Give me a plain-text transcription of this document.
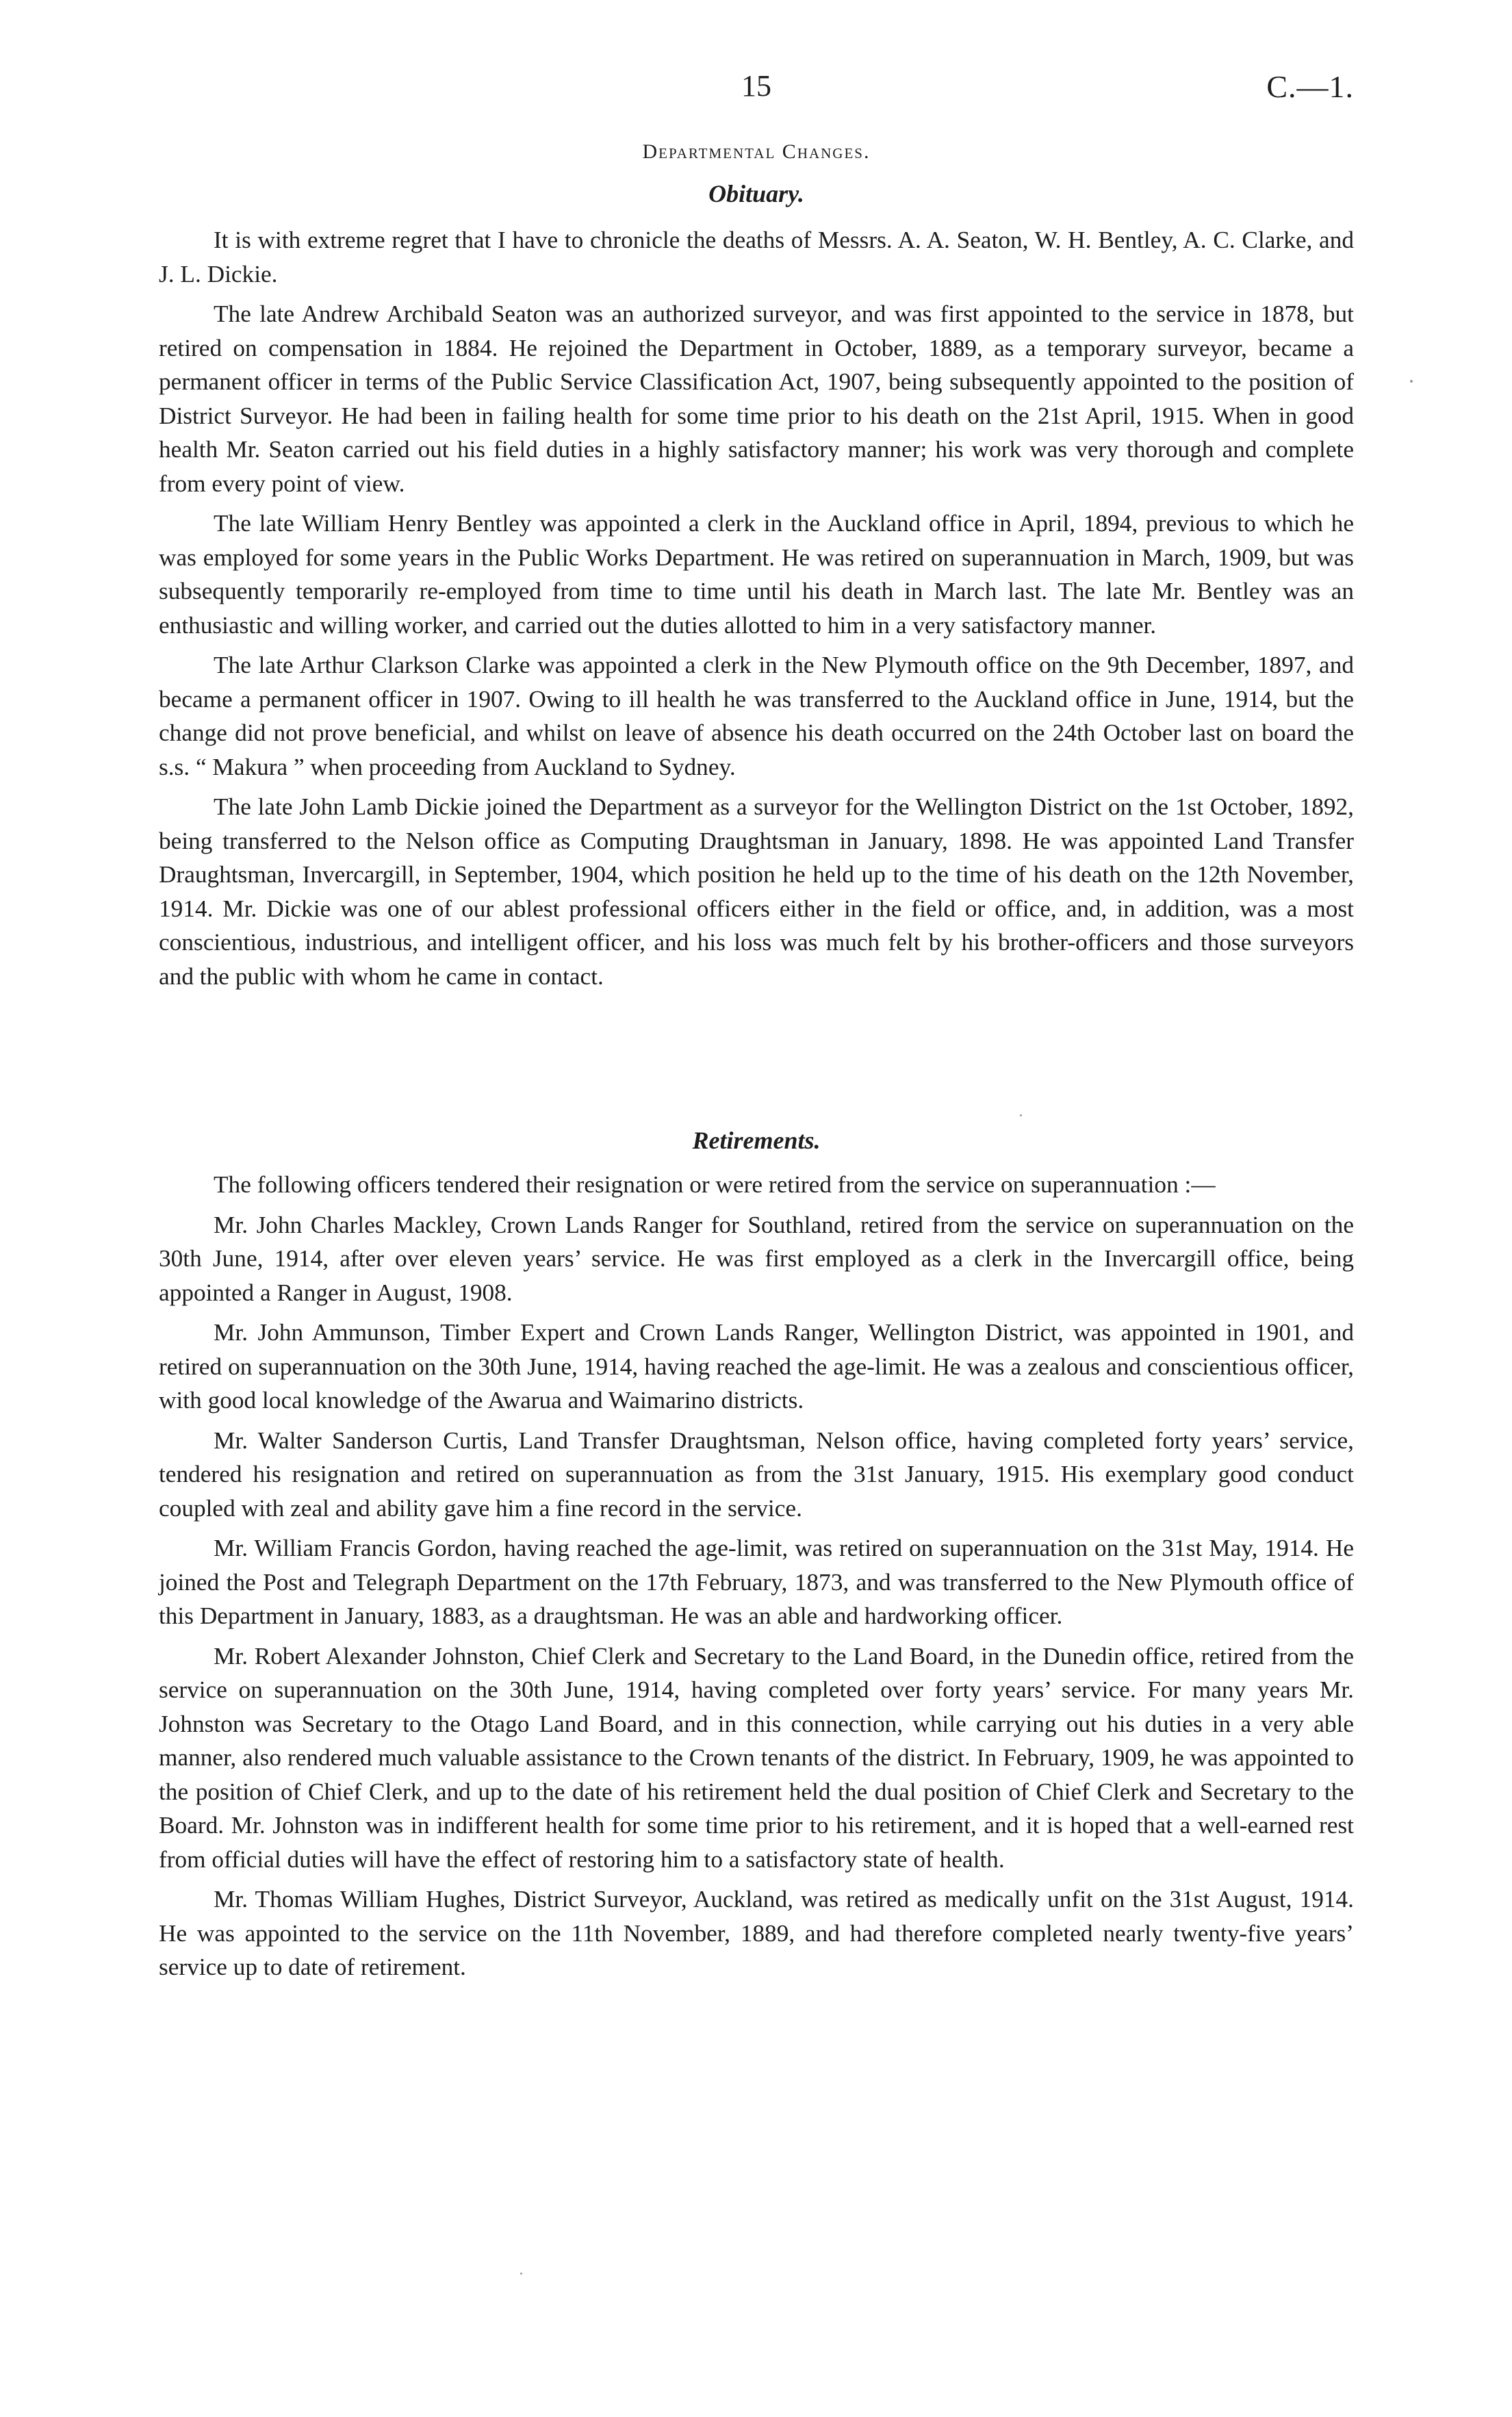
15	C.—1.
Departmental Changes.
Obituary.

It is with extreme regret that I have to chronicle the deaths of Messrs. A. A. Seaton, W. H. Bentley, A. C. Clarke, and J. L. Dickie.

The late Andrew Archibald Seaton was an authorized surveyor, and was first appointed to the service in 1878, but retired on compensation in 1884. He rejoined the Department in October, 1889, as a temporary surveyor, became a permanent officer in terms of the Public Service Classification Act, 1907, being subsequently appointed to the position of District Surveyor. He had been in failing health for some time prior to his death on the 21st April, 1915. When in good health Mr. Seaton carried out his field duties in a highly satisfactory manner; his work was very thorough and complete from every point of view.

The late William Henry Bentley was appointed a clerk in the Auckland office in April, 1894, previous to which he was employed for some years in the Public Works Department. He was retired on superannuation in March, 1909, but was subsequently temporarily re-employed from time to time until his death in March last. The late Mr. Bentley was an enthusiastic and willing worker, and carried out the duties allotted to him in a very satisfactory manner.

The late Arthur Clarkson Clarke was appointed a clerk in the New Plymouth office on the 9th December, 1897, and became a permanent officer in 1907. Owing to ill health he was transferred to the Auckland office in June, 1914, but the change did not prove beneficial, and whilst on leave of absence his death occurred on the 24th October last on board the s.s. “ Makura ” when proceeding from Auckland to Sydney.

The late John Lamb Dickie joined the Department as a surveyor for the Wellington District on the 1st October, 1892, being transferred to the Nelson office as Computing Draughtsman in January, 1898. He was appointed Land Transfer Draughtsman, Invercargill, in September, 1904, which position he held up to the time of his death on the 12th November, 1914. Mr. Dickie was one of our ablest professional officers either in the field or office, and, in addition, was a most conscientious, industrious, and intelligent officer, and his loss was much felt by his brother-officers and those surveyors and the public with whom he came in contact.

Retirements.

The following officers tendered their resignation or were retired from the service on superannuation :—

Mr. John Charles Mackley, Crown Lands Ranger for Southland, retired from the service on superannuation on the 30th June, 1914, after over eleven years’ service. He was first employed as a clerk in the Invercargill office, being appointed a Ranger in August, 1908.

Mr. John Ammunson, Timber Expert and Crown Lands Ranger, Wellington District, was appointed in 1901, and retired on superannuation on the 30th June, 1914, having reached the age-limit. He was a zealous and conscientious officer, with good local knowledge of the Awarua and Waimarino districts.

Mr. Walter Sanderson Curtis, Land Transfer Draughtsman, Nelson office, having completed forty years’ service, tendered his resignation and retired on superannuation as from the 31st January, 1915. His exemplary good conduct coupled with zeal and ability gave him a fine record in the service.

Mr. William Francis Gordon, having reached the age-limit, was retired on superannuation on the 31st May, 1914. He joined the Post and Telegraph Department on the 17th February, 1873, and was transferred to the New Plymouth office of this Department in January, 1883, as a draughtsman. He was an able and hardworking officer.

Mr. Robert Alexander Johnston, Chief Clerk and Secretary to the Land Board, in the Dunedin office, retired from the service on superannuation on the 30th June, 1914, having completed over forty years’ service. For many years Mr. Johnston was Secretary to the Otago Land Board, and in this connection, while carrying out his duties in a very able manner, also rendered much valuable assistance to the Crown tenants of the district. In February, 1909, he was appointed to the position of Chief Clerk, and up to the date of his retirement held the dual position of Chief Clerk and Secretary to the Board. Mr. Johnston was in indifferent health for some time prior to his retirement, and it is hoped that a well-earned rest from official duties will have the effect of restoring him to a satisfactory state of health.

Mr. Thomas William Hughes, District Surveyor, Auckland, was retired as medically unfit on the 31st August, 1914. He was appointed to the service on the 11th November, 1889, and had therefore completed nearly twenty-five years’ service up to date of retirement.
